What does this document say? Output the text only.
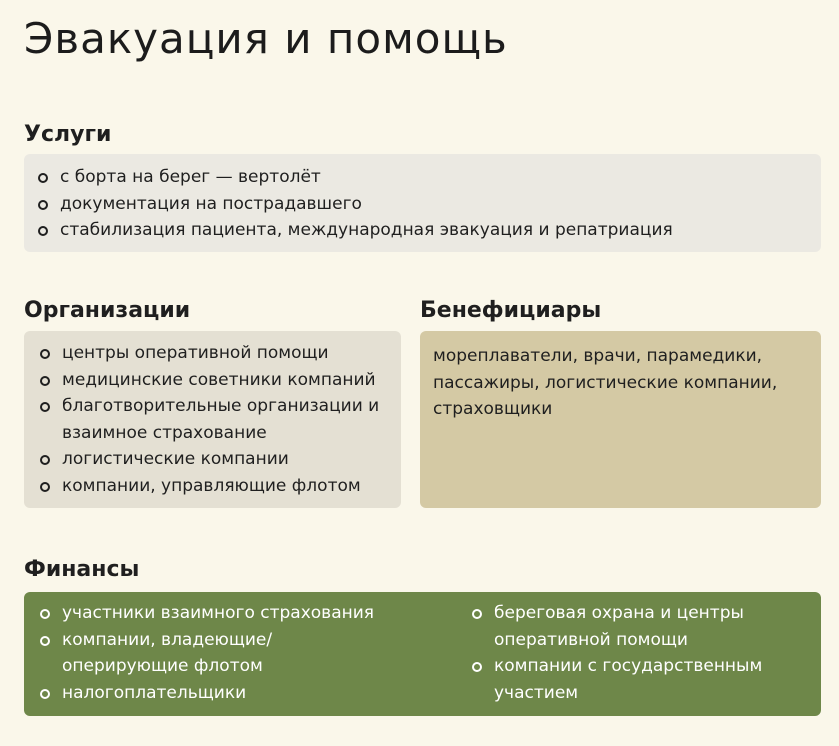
Эвакуация и помощь
Услуги
с борта на берег — вертолёт
документация на пострадавшего
стабилизация пациента, международная эвакуация и репатриация
Организации
центры оперативной помощи
медицинские советники компаний
благотворительные организации и взаимное страхование
логистические компании
компании, управляющие флотом
Бенефициары

мореплаватели, врачи, парамедики, пассажиры, логистические компании, страховщики

Финансы
участники взаимного страхования
компании, владеющие/ оперирующие флотом
налогоплательщики
береговая охрана и центры оперативной помощи
компании с государственным участием
